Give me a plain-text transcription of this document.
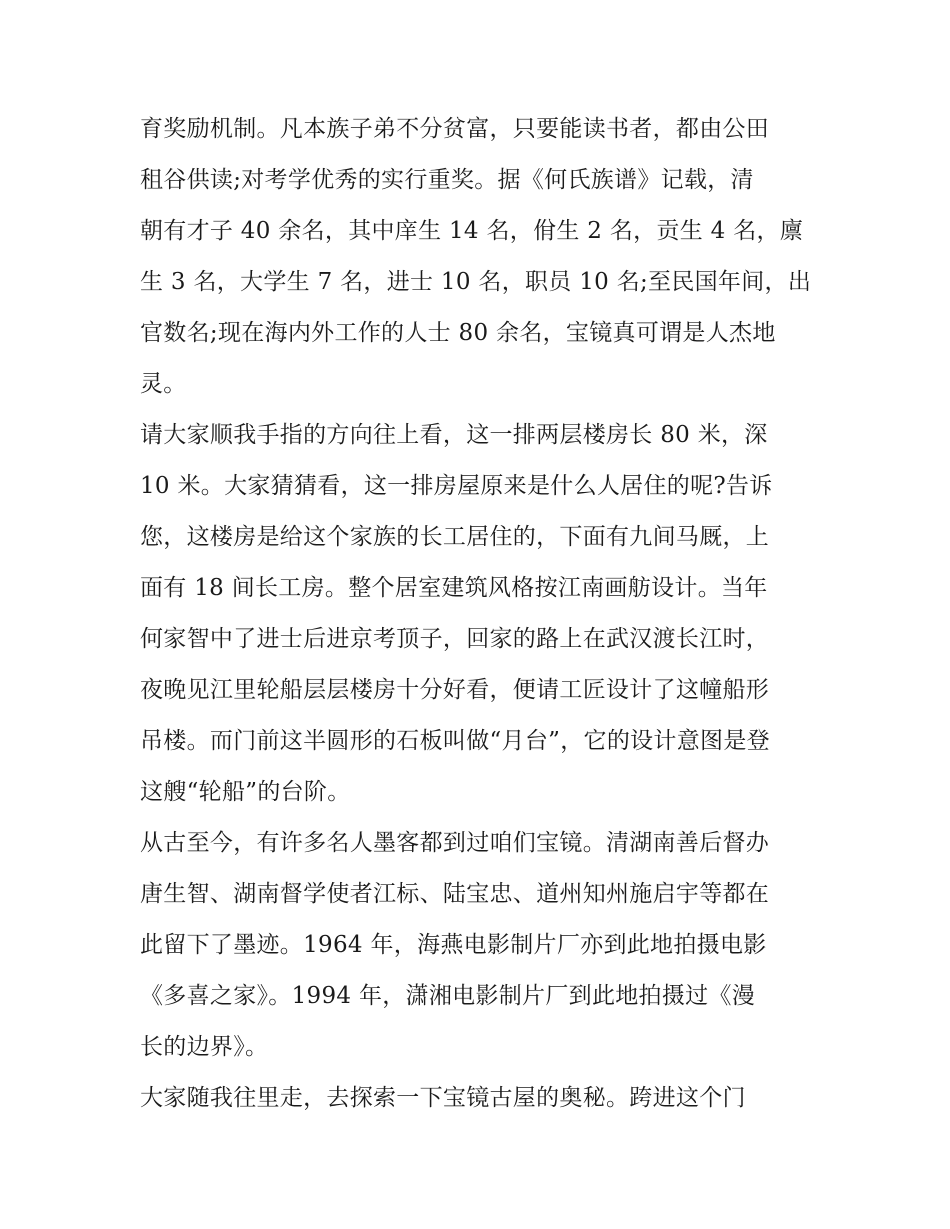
育奖励机制。凡本族子弟不分贫富，只要能读书者，都由公田
租谷供读;对考学优秀的实行重奖。据《何氏族谱》记载，清
朝有才子 40 余名，其中庠生 14 名，佾生 2 名，贡生 4 名，廪
生 3 名，大学生 7 名，进士 10 名，职员 10 名;至民国年间，出
官数名;现在海内外工作的人士 80 余名，宝镜真可谓是人杰地
灵。
请大家顺我手指的方向往上看，这一排两层楼房长 80 米，深
10 米。大家猜猜看，这一排房屋原来是什么人居住的呢?告诉
您，这楼房是给这个家族的长工居住的，下面有九间马厩，上
面有 18 间长工房。整个居室建筑风格按江南画舫设计。当年
何家智中了进士后进京考顶子，回家的路上在武汉渡长江时，
夜晚见江里轮船层层楼房十分好看，便请工匠设计了这幢船形
吊楼。而门前这半圆形的石板叫做“月台”，它的设计意图是登
这艘“轮船”的台阶。
从古至今，有许多名人墨客都到过咱们宝镜。清湖南善后督办
唐生智、湖南督学使者江标、陆宝忠、道州知州施启宇等都在
此留下了墨迹。1964 年，海燕电影制片厂亦到此地拍摄电影
《多喜之家》。1994 年，潇湘电影制片厂到此地拍摄过《漫
长的边界》。
大家随我往里走，去探索一下宝镜古屋的奥秘。跨进这个门
